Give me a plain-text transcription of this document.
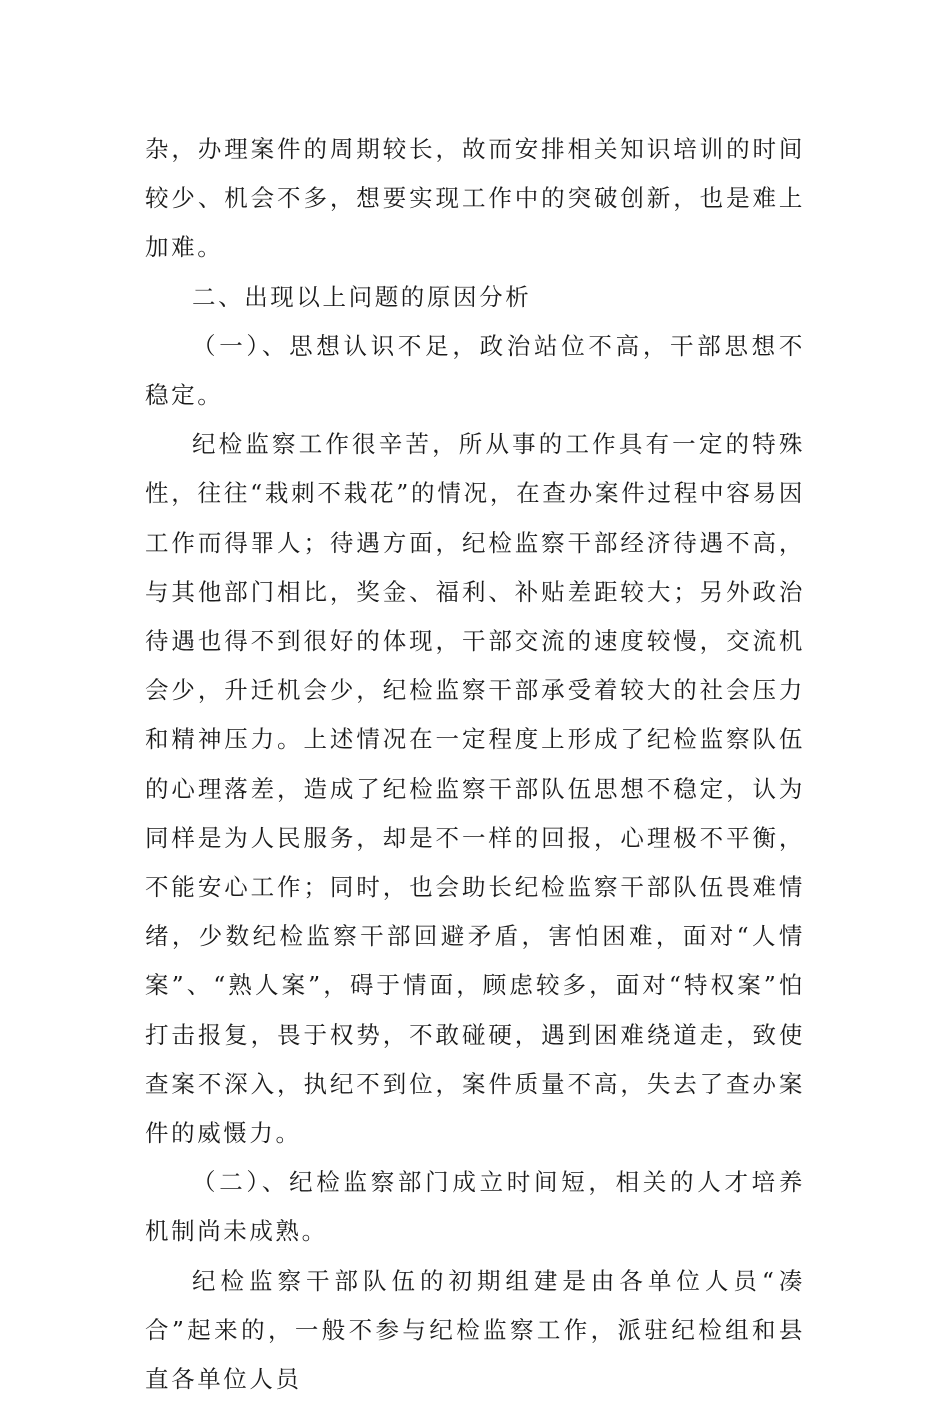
杂，办理案件的周期较长，故而安排相关知识培训的时间较少、机会不多，想要实现工作中的突破创新，也是难上加难。

二、出现以上问题的原因分析

（一）、思想认识不足，政治站位不高，干部思想不稳定。

纪检监察工作很辛苦，所从事的工作具有一定的特殊性，往往“栽刺不栽花”的情况，在查办案件过程中容易因工作而得罪人；待遇方面，纪检监察干部经济待遇不高，与其他部门相比，奖金、福利、补贴差距较大；另外政治待遇也得不到很好的体现，干部交流的速度较慢，交流机会少，升迁机会少，纪检监察干部承受着较大的社会压力和精神压力。上述情况在一定程度上形成了纪检监察队伍的心理落差，造成了纪检监察干部队伍思想不稳定，认为同样是为人民服务，却是不一样的回报，心理极不平衡，不能安心工作；同时，也会助长纪检监察干部队伍畏难情绪，少数纪检监察干部回避矛盾，害怕困难，面对“人情案”、“熟人案”，碍于情面，顾虑较多，面对“特权案”怕打击报复，畏于权势，不敢碰硬，遇到困难绕道走，致使查案不深入，执纪不到位，案件质量不高，失去了查办案件的威慑力。

（二）、纪检监察部门成立时间短，相关的人才培养机制尚未成熟。

纪检监察干部队伍的初期组建是由各单位人员“凑合”起来的，一般不参与纪检监察工作，派驻纪检组和县直各单位人员
